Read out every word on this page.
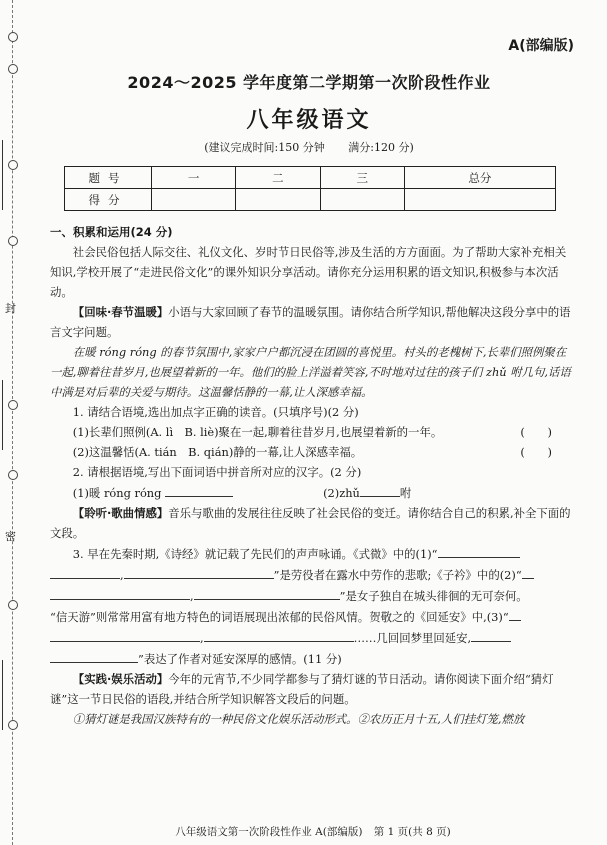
封
密
A(部编版)
2024～2025 学年度第二学期第一次阶段性作业
八年级语文
(建议完成时间:150 分钟 满分:120 分)
题号	一	二	三	总分
得分				

一、积累和运用(24 分)

社会民俗包括人际交往、礼仪文化、岁时节日民俗等,涉及生活的方方面面。为了帮助大家补充相关知识,学校开展了“走进民俗文化”的课外知识分享活动。请你充分运用积累的语文知识,积极参与本次活动。

【回味·春节温暖】小语与大家回顾了春节的温暖氛围。请你结合所学知识,帮他解决这段分享中的语言文字问题。

在暖 róng róng 的春节氛围中,家家户户都沉浸在团圆的喜悦里。村头的老槐树下,长辈们照例聚在一起,聊着往昔岁月,也展望着新的一年。他们的脸上洋溢着笑容,不时地对过往的孩子们 zhǔ 咐几句,话语中满是对后辈的关爱与期待。这温馨恬静的一幕,让人深感幸福。

1. 请结合语境,选出加点字正确的读音。(只填序号)(2 分)

(1)长辈们照例(A. lì　B. liè)聚在一起,聊着往昔岁月,也展望着新的一年。	(　　)

(2)这温馨恬(A. tián　B. qián)静的一幕,让人深感幸福。	(　　)

2. 请根据语境,写出下面词语中拼音所对应的汉字。(2 分)

(1)暖 róng róng	(2)zhǔ	咐

【聆听·歌曲情感】音乐与歌曲的发展往往反映了社会民俗的变迁。请你结合自己的积累,补全下面的文段。

3. 早在先秦时期,《诗经》就记载了先民们的声声咏诵。《式微》中的(1)“

,	”是劳役者在露水中劳作的悲歌;《子衿》中的(2)“

,	”是女子独自在城头徘徊的无可奈何。

“信天游”则常常用富有地方特色的词语展现出浓郁的民俗风情。贺敬之的《回延安》中,(3)“

,	……几回回梦里回延安,

”表达了作者对延安深厚的感情。(11 分)

【实践·娱乐活动】今年的元宵节,不少同学都参与了猜灯谜的节日活动。请你阅读下面介绍“猜灯谜”这一节日民俗的语段,并结合所学知识解答文段后的问题。

①猜灯谜是我国汉族特有的一种民俗文化娱乐活动形式。②农历正月十五,人们挂灯笼,燃放

八年级语文第一次阶段性作业 A(部编版) 第 1 页(共 8 页)
